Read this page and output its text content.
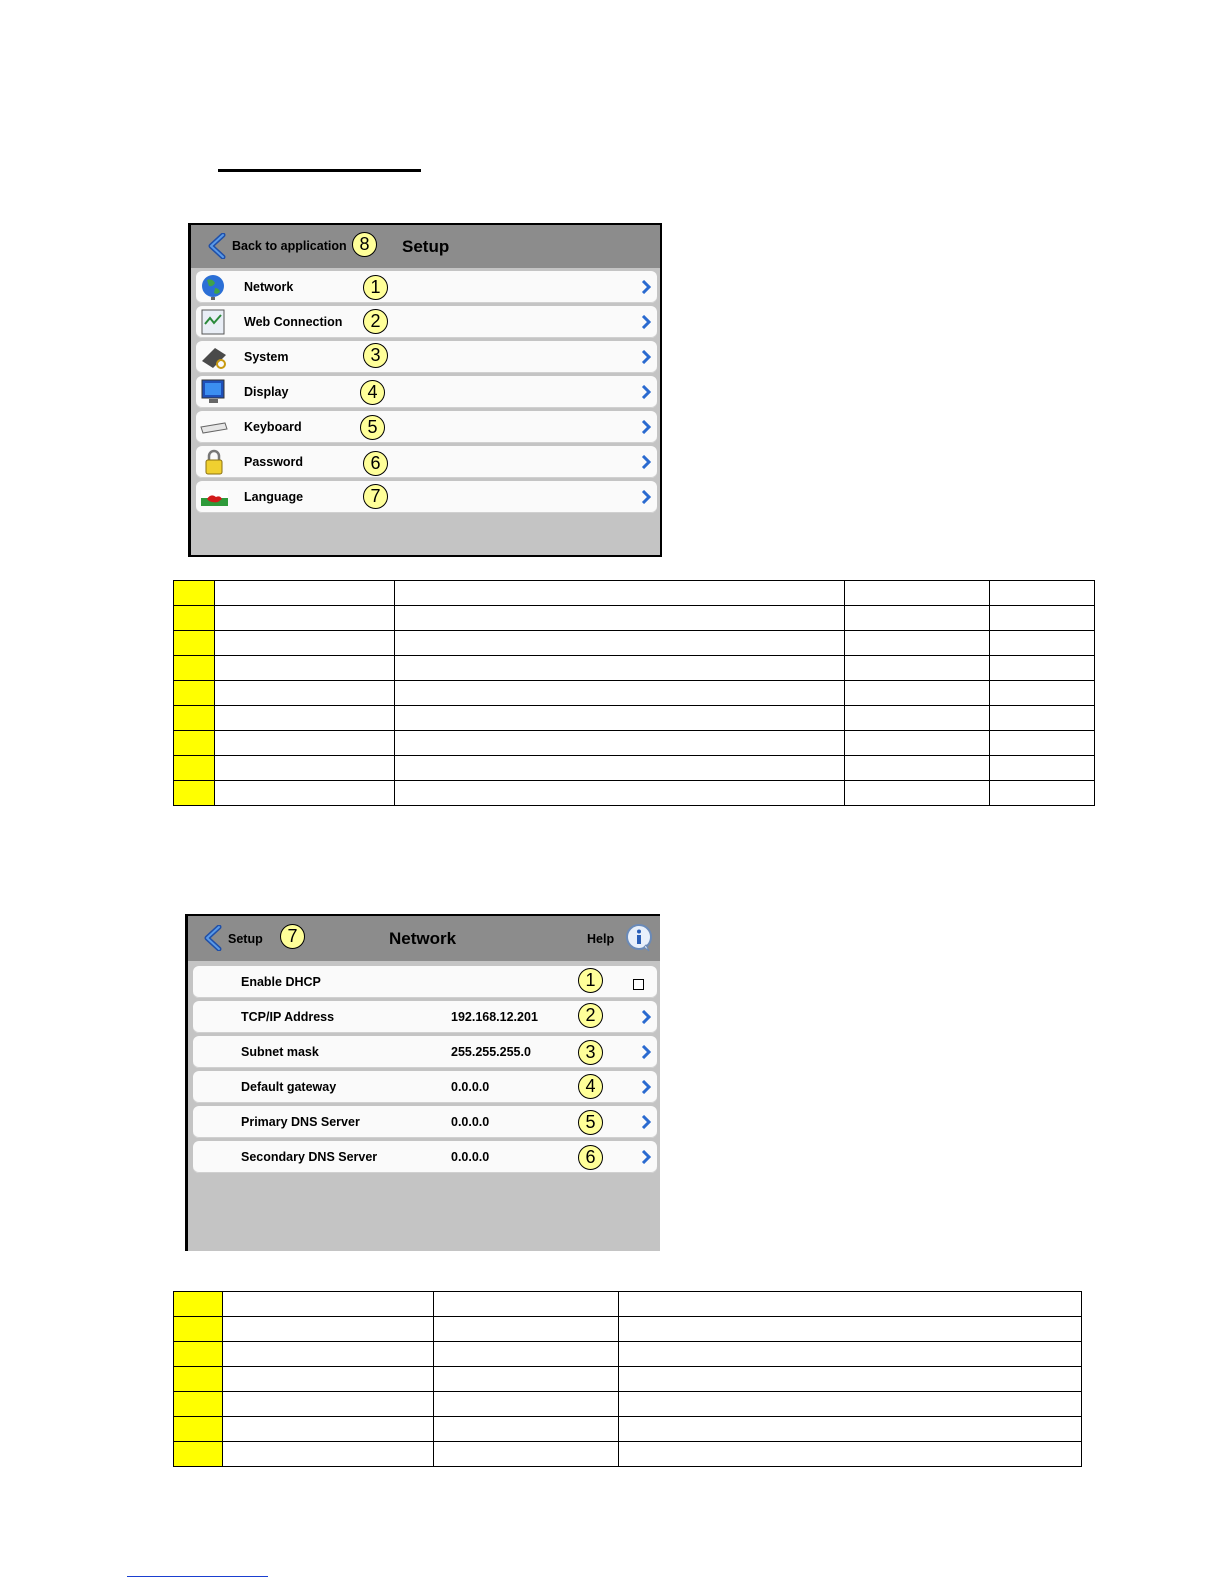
Back to application 8	Setup
Network	1
Web Connection	2
System	3
Display	4
Keyboard	5
Password	6
Language	7

Setup	7	Network	Help
Enable DHCP	1
TCP/IP Address	192.168.12.201	2
Subnet mask	255.255.255.0	3
Default gateway	0.0.0.0	4
Primary DNS Server	0.0.0.0	5
Secondary DNS Server	0.0.0.0	6
